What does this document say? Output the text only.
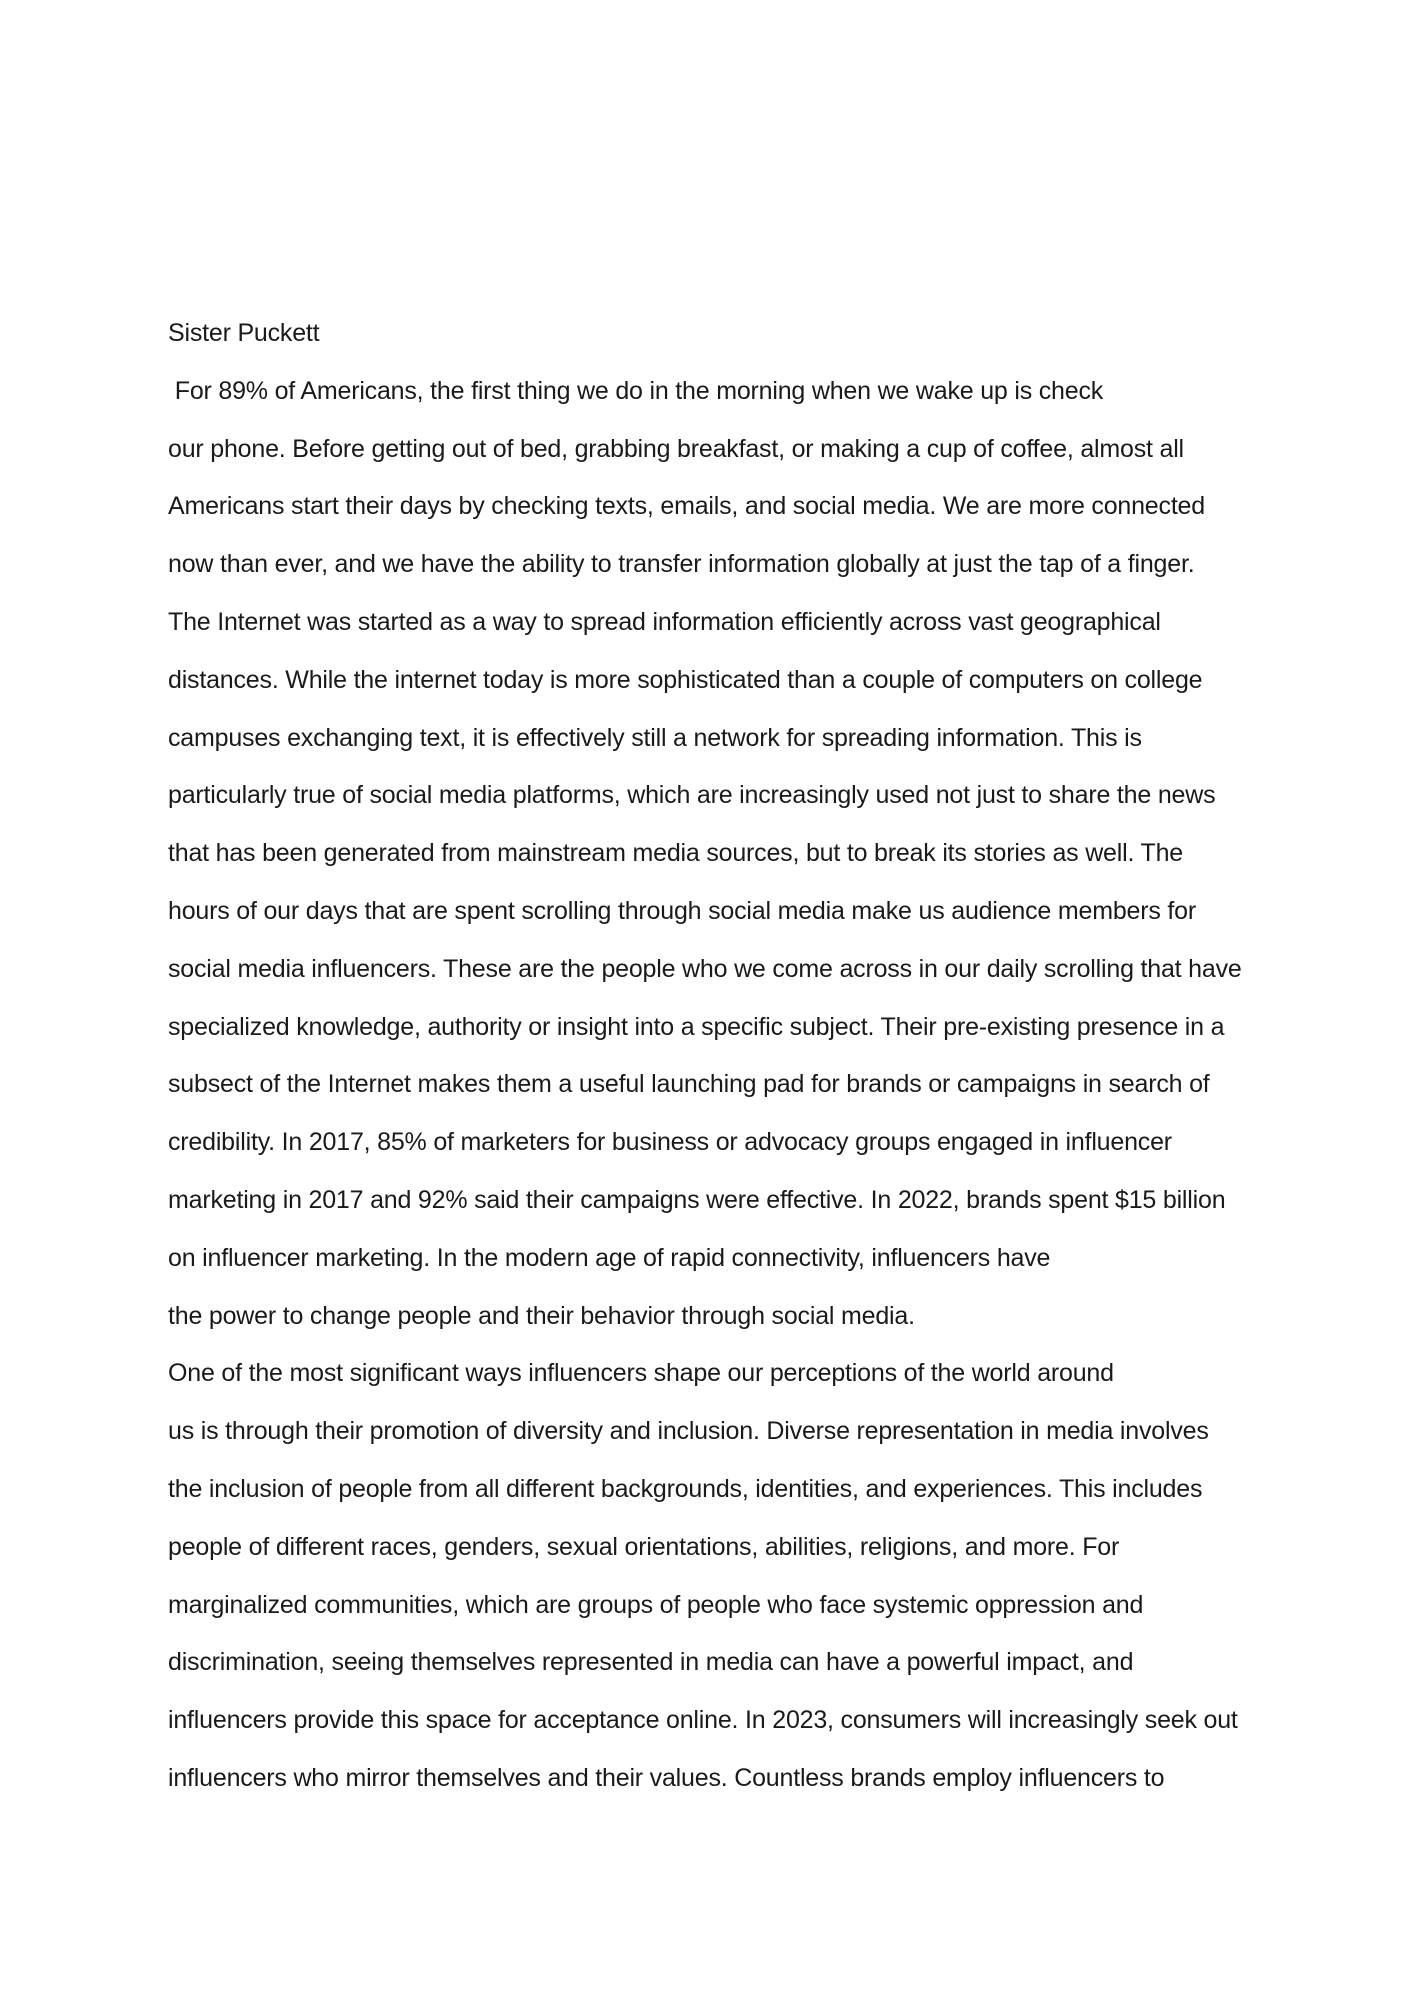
Sister Puckett
For 89% of Americans, the first thing we do in the morning when we wake up is check
our phone. Before getting out of bed, grabbing breakfast, or making a cup of coffee, almost all
Americans start their days by checking texts, emails, and social media. We are more connected
now than ever, and we have the ability to transfer information globally at just the tap of a finger.
The Internet was started as a way to spread information efficiently across vast geographical
distances. While the internet today is more sophisticated than a couple of computers on college
campuses exchanging text, it is effectively still a network for spreading information. This is
particularly true of social media platforms, which are increasingly used not just to share the news
that has been generated from mainstream media sources, but to break its stories as well. The
hours of our days that are spent scrolling through social media make us audience members for
social media influencers. These are the people who we come across in our daily scrolling that have
specialized knowledge, authority or insight into a specific subject. Their pre-existing presence in a
subsect of the Internet makes them a useful launching pad for brands or campaigns in search of
credibility. In 2017, 85% of marketers for business or advocacy groups engaged in influencer
marketing in 2017 and 92% said their campaigns were effective. In 2022, brands spent $15 billion
on influencer marketing. In the modern age of rapid connectivity, influencers have
the power to change people and their behavior through social media.
One of the most significant ways influencers shape our perceptions of the world around
us is through their promotion of diversity and inclusion. Diverse representation in media involves
the inclusion of people from all different backgrounds, identities, and experiences. This includes
people of different races, genders, sexual orientations, abilities, religions, and more. For
marginalized communities, which are groups of people who face systemic oppression and
discrimination, seeing themselves represented in media can have a powerful impact, and
influencers provide this space for acceptance online. In 2023, consumers will increasingly seek out
influencers who mirror themselves and their values. Countless brands employ influencers to
